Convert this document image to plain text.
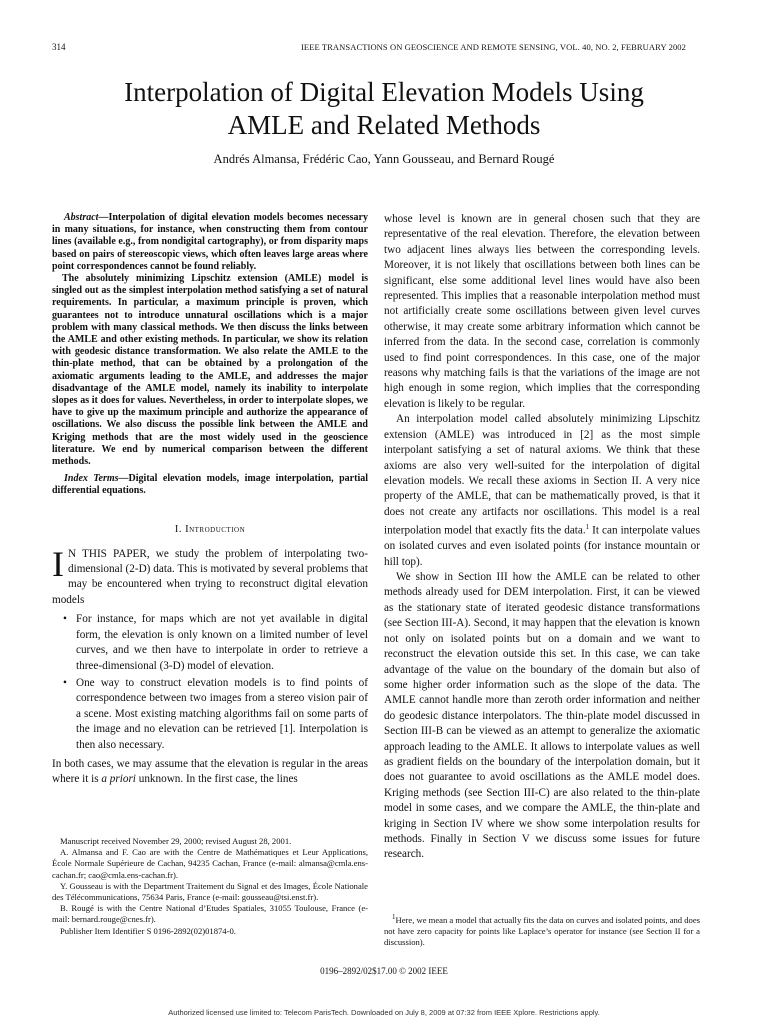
314	IEEE TRANSACTIONS ON GEOSCIENCE AND REMOTE SENSING, VOL. 40, NO. 2, FEBRUARY 2002
Interpolation of Digital Elevation Models Using
AMLE and Related Methods
Andrés Almansa, Frédéric Cao, Yann Gousseau, and Bernard Rougé

Abstract—Interpolation of digital elevation models becomes necessary in many situations, for instance, when constructing them from contour lines (available e.g., from nondigital cartography), or from disparity maps based on pairs of stereoscopic views, which often leaves large areas where point correspondences cannot be found reliably.

The absolutely minimizing Lipschitz extension (AMLE) model is singled out as the simplest interpolation method satisfying a set of natural requirements. In particular, a maximum principle is proven, which guarantees not to introduce unnatural oscillations which is a major problem with many classical methods. We then discuss the links between the AMLE and other existing methods. In particular, we show its relation with geodesic distance transformation. We also relate the AMLE to the thin-plate method, that can be obtained by a prolongation of the axiomatic arguments leading to the AMLE, and addresses the major disadvantage of the AMLE model, namely its inability to interpolate slopes as it does for values. Nevertheless, in order to interpolate slopes, we have to give up the maximum principle and authorize the appearance of oscillations. We also discuss the possible link between the AMLE and Kriging methods that are the most widely used in the geoscience literature. We end by numerical comparison between the different methods.

Index Terms—Digital elevation models, image interpolation, partial differential equations.

I. Introduction
I N THIS PAPER, we study the problem of interpolating two-dimensional (2-D) data. This is motivated by several problems that may be encountered when trying to reconstruct digital elevation models

• For instance, for maps which are not yet available in digital form, the elevation is only known on a limited number of level curves, and we then have to interpolate in order to retrieve a three-dimensional (3-D) model of elevation.
• One way to construct elevation models is to find points of correspondence between two images from a stereo vision pair of a scene. Most existing matching algorithms fail on some parts of the image and no elevation can be retrieved [1]. Interpolation is then also necessary.

In both cases, we may assume that the elevation is regular in the areas where it is a priori unknown. In the first case, the lines

Manuscript received November 29, 2000; revised August 28, 2001.

A. Almansa and F. Cao are with the Centre de Mathématiques et Leur Applications, École Normale Supérieure de Cachan, 94235 Cachan, France (e-mail: almansa@cmla.ens-cachan.fr; cao@cmla.ens-cachan.fr).

Y. Gousseau is with the Department Traitement du Signal et des Images, École Nationale des Télécommunications, 75634 Paris, France (e-mail: gousseau@tsi.enst.fr).

B. Rougé is with the Centre National d’Etudes Spatiales, 31055 Toulouse, France (e-mail: bernard.rouge@cnes.fr).

Publisher Item Identifier S 0196-2892(02)01874-0.

whose level is known are in general chosen such that they are representative of the real elevation. Therefore, the elevation between two adjacent lines always lies between the corresponding levels. Moreover, it is not likely that oscillations between both lines can be significant, else some additional level lines would have also been represented. This implies that a reasonable interpolation method must not artificially create some oscillations between given level curves otherwise, it may create some arbitrary information which cannot be inferred from the data. In the second case, correlation is commonly used to find point correspondences. In this case, one of the major reasons why matching fails is that the variations of the image are not high enough in some region, which implies that the corresponding elevation is likely to be regular.

An interpolation model called absolutely minimizing Lipschitz extension (AMLE) was introduced in [2] as the most simple interpolant satisfying a set of natural axioms. We think that these axioms are also very well-suited for the interpolation of digital elevation models. We recall these axioms in Section II. A very nice property of the AMLE, that can be mathematically proved, is that it does not create any artifacts nor oscillations. This model is a real interpolation model that exactly fits the data.$^1$ It can interpolate values on isolated curves and even isolated points (for instance mountain or hill top).

We show in Section III how the AMLE can be related to other methods already used for DEM interpolation. First, it can be viewed as the stationary state of iterated geodesic distance transformations (see Section III-A). Second, it may happen that the elevation is known not only on isolated points but on a domain and we want to reconstruct the elevation outside this set. In this case, we can take advantage of the value on the boundary of the domain but also of some higher order information such as the slope of the data. The AMLE cannot handle more than zeroth order information and neither do geodesic distance interpolators. The thin-plate model discussed in Section III-B can be viewed as an attempt to generalize the axiomatic approach leading to the AMLE. It allows to interpolate values as well as gradient fields on the boundary of the interpolation domain, but it does not guarantee to avoid oscillations as the AMLE model does. Kriging methods (see Section III-C) are also related to the thin-plate model in some cases, and we compare the AMLE, the thin-plate and kriging in Section IV where we show some interpolation results for methods. Finally in Section V we discuss some issues for future research.

$^1$Here, we mean a model that actually fits the data on curves and isolated points, and does not have zero capacity for points like Laplace’s operator for instance (see Section II for a discussion).

0196–2892/02$17.00 © 2002 IEEE
Authorized licensed use limited to: Telecom ParisTech. Downloaded on July 8, 2009 at 07:32 from IEEE Xplore. Restrictions apply.
